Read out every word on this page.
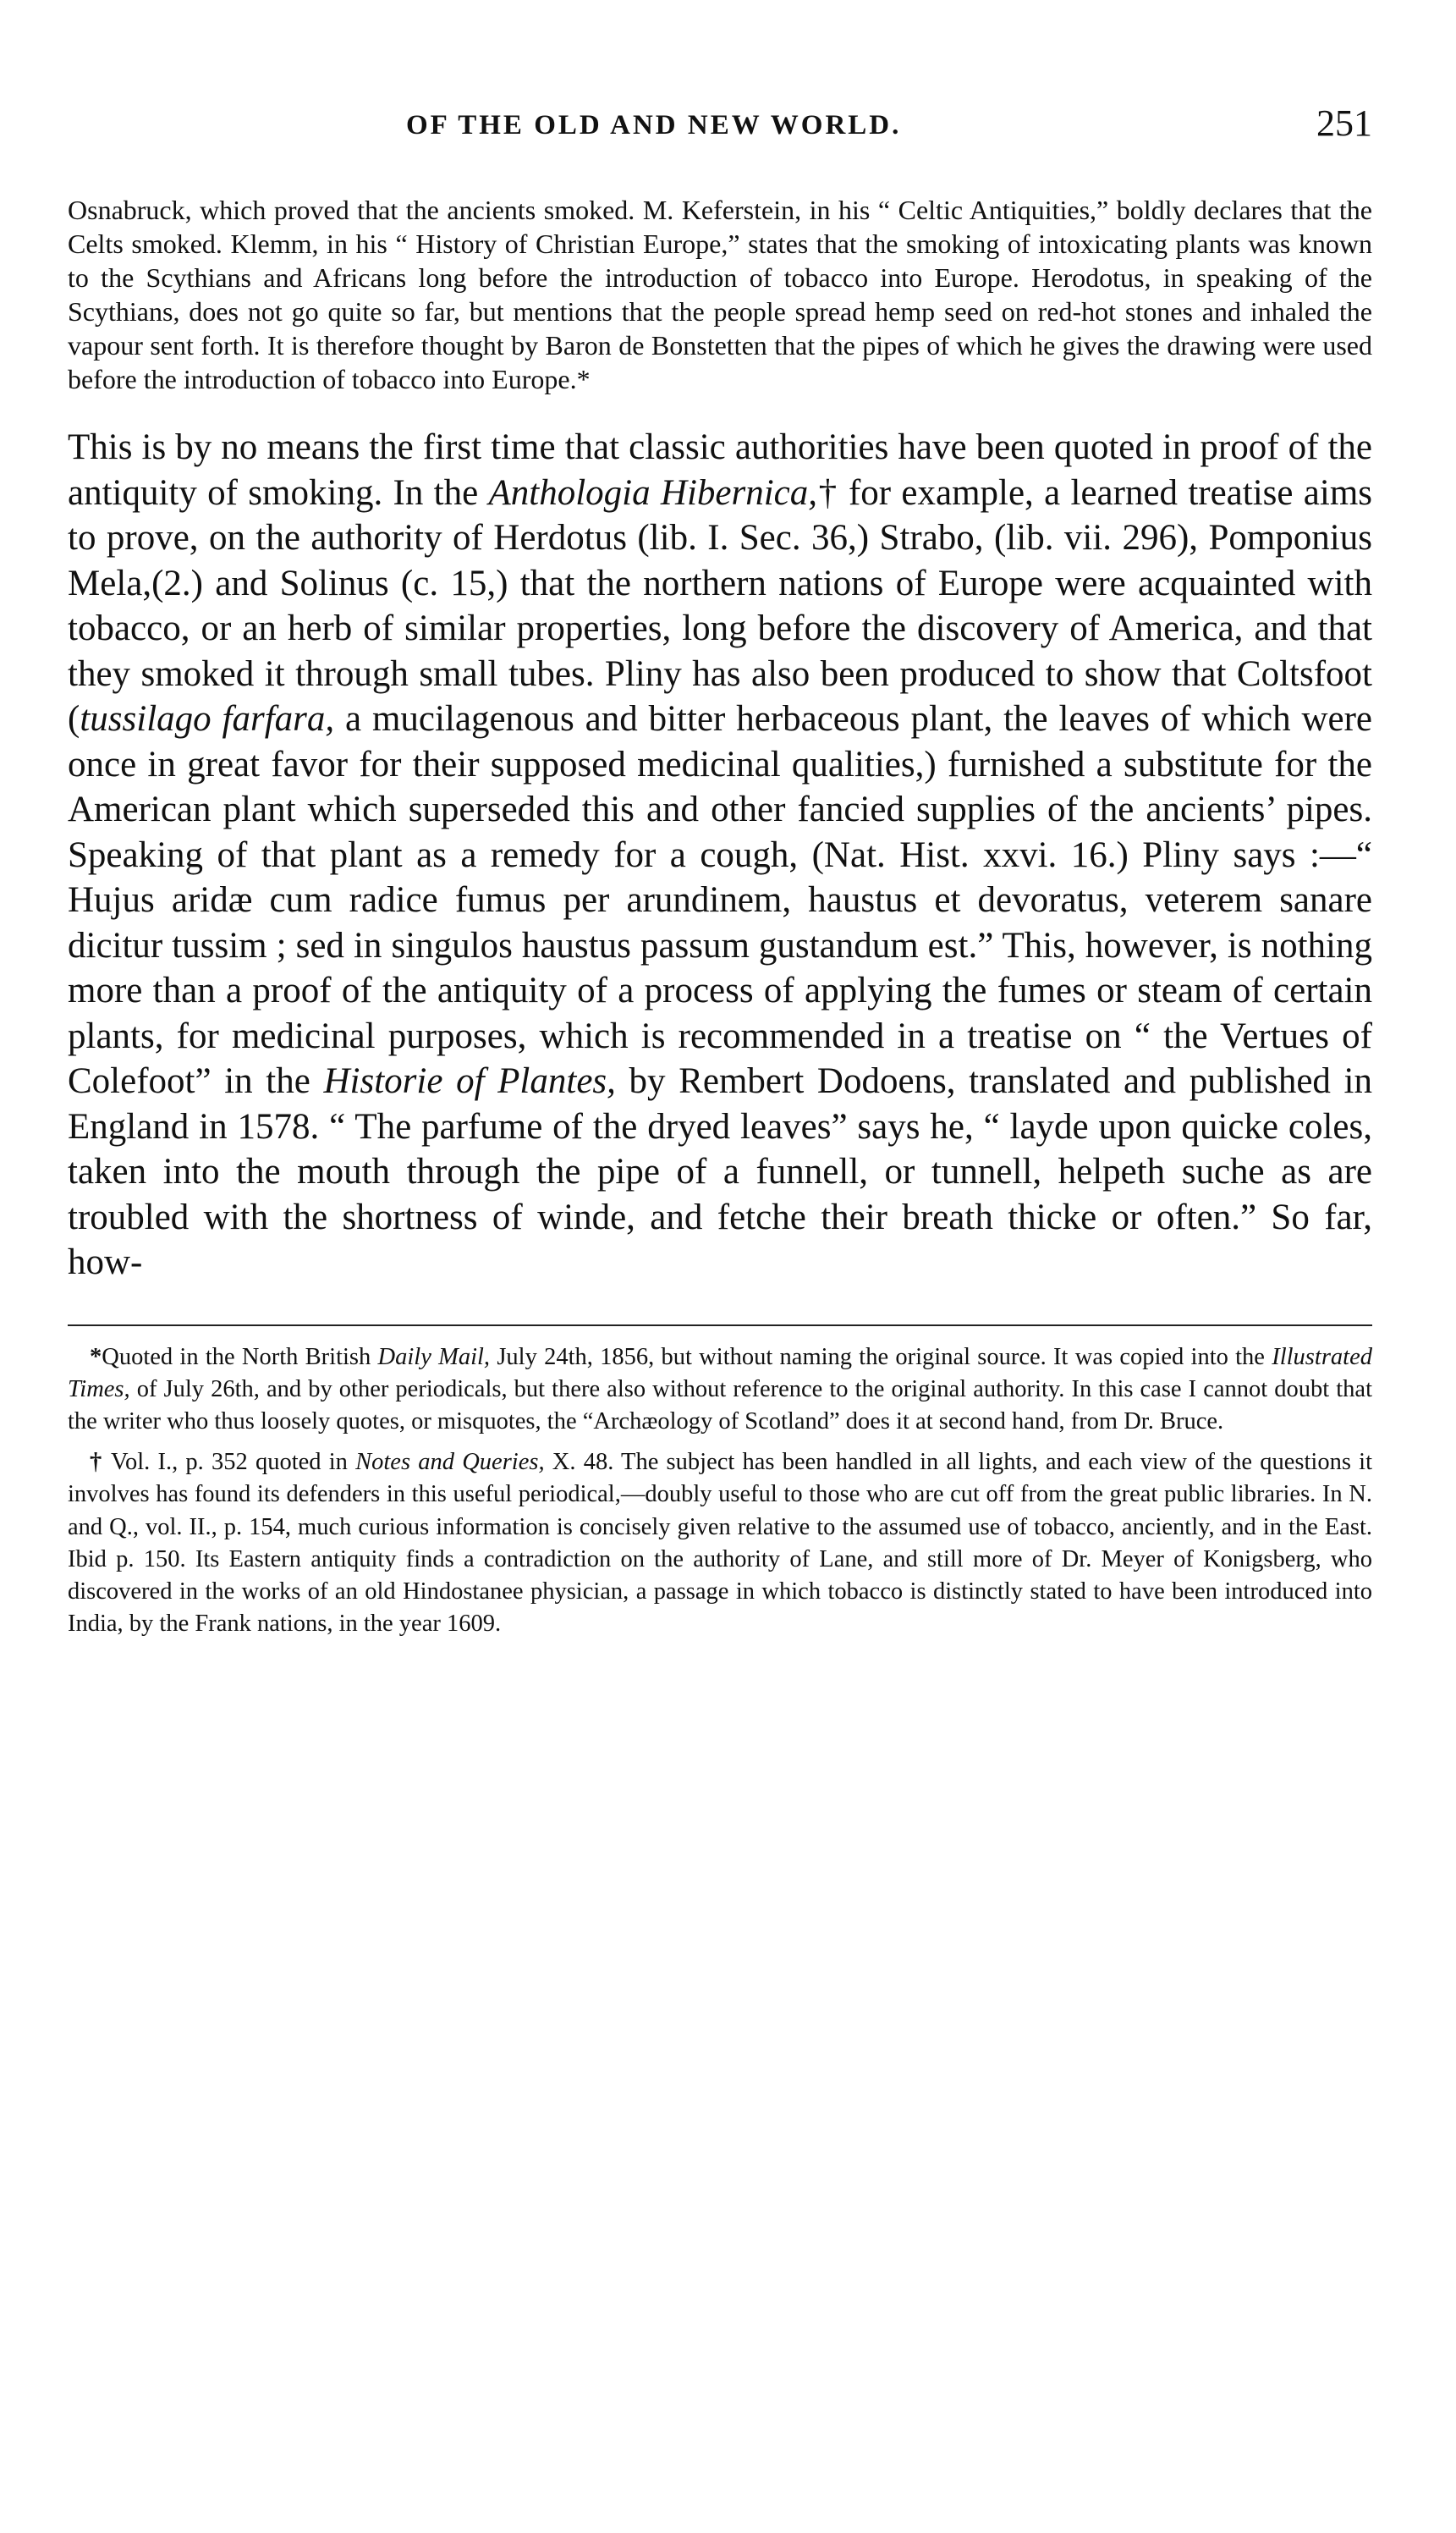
OF THE OLD AND NEW WORLD.	251

Osnabruck, which proved that the ancients smoked. M. Keferstein, in his “ Celtic Antiquities,” boldly declares that the Celts smoked. Klemm, in his “ History of Christian Europe,” states that the smoking of intoxicating plants was known to the Scythians and Africans long before the introduction of tobacco into Europe. Herodotus, in speaking of the Scythians, does not go quite so far, but mentions that the people spread hemp seed on red-hot stones and inhaled the vapour sent forth. It is therefore thought by Baron de Bonstetten that the pipes of which he gives the drawing were used before the introduction of tobacco into Europe.*

This is by no means the first time that classic authorities have been quoted in proof of the antiquity of smoking. In the Anthologia Hibernica,† for example, a learned treatise aims to prove, on the authority of Herdotus (lib. I. Sec. 36,) Strabo, (lib. vii. 296), Pomponius Mela,(2.) and Solinus (c. 15,) that the northern nations of Europe were acquainted with tobacco, or an herb of similar properties, long before the discovery of America, and that they smoked it through small tubes. Pliny has also been produced to show that Coltsfoot (tussilago farfara, a mucilagenous and bitter herbaceous plant, the leaves of which were once in great favor for their supposed medicinal qualities,) furnished a substitute for the American plant which superseded this and other fancied supplies of the ancients’ pipes. Speaking of that plant as a remedy for a cough, (Nat. Hist. xxvi. 16.) Pliny says :—“ Hujus aridæ cum radice fumus per arundinem, haustus et devoratus, veterem sanare dicitur tussim ; sed in singulos haustus passum gustandum est.” This, however, is nothing more than a proof of the antiquity of a process of applying the fumes or steam of certain plants, for medicinal purposes, which is recommended in a treatise on “ the Vertues of Colefoot” in the Historie of Plantes, by Rembert Dodoens, translated and published in England in 1578. “ The parfume of the dryed leaves” says he, “ layde upon quicke coles, taken into the mouth through the pipe of a funnell, or tunnell, helpeth suche as are troubled with the shortness of winde, and fetche their breath thicke or often.” So far, how-

*Quoted in the North British Daily Mail, July 24th, 1856, but without naming the original source. It was copied into the Illustrated Times, of July 26th, and by other periodicals, but there also without reference to the original authority. In this case I cannot doubt that the writer who thus loosely quotes, or misquotes, the “Archæology of Scotland” does it at second hand, from Dr. Bruce.

† Vol. I., p. 352 quoted in Notes and Queries, X. 48. The subject has been handled in all lights, and each view of the questions it involves has found its defenders in this useful periodical,—doubly useful to those who are cut off from the great public libraries. In N. and Q., vol. II., p. 154, much curious information is concisely given relative to the assumed use of tobacco, anciently, and in the East. Ibid p. 150. Its Eastern antiquity finds a contradiction on the authority of Lane, and still more of Dr. Meyer of Konigsberg, who discovered in the works of an old Hindostanee physician, a passage in which tobacco is distinctly stated to have been introduced into India, by the Frank nations, in the year 1609.
